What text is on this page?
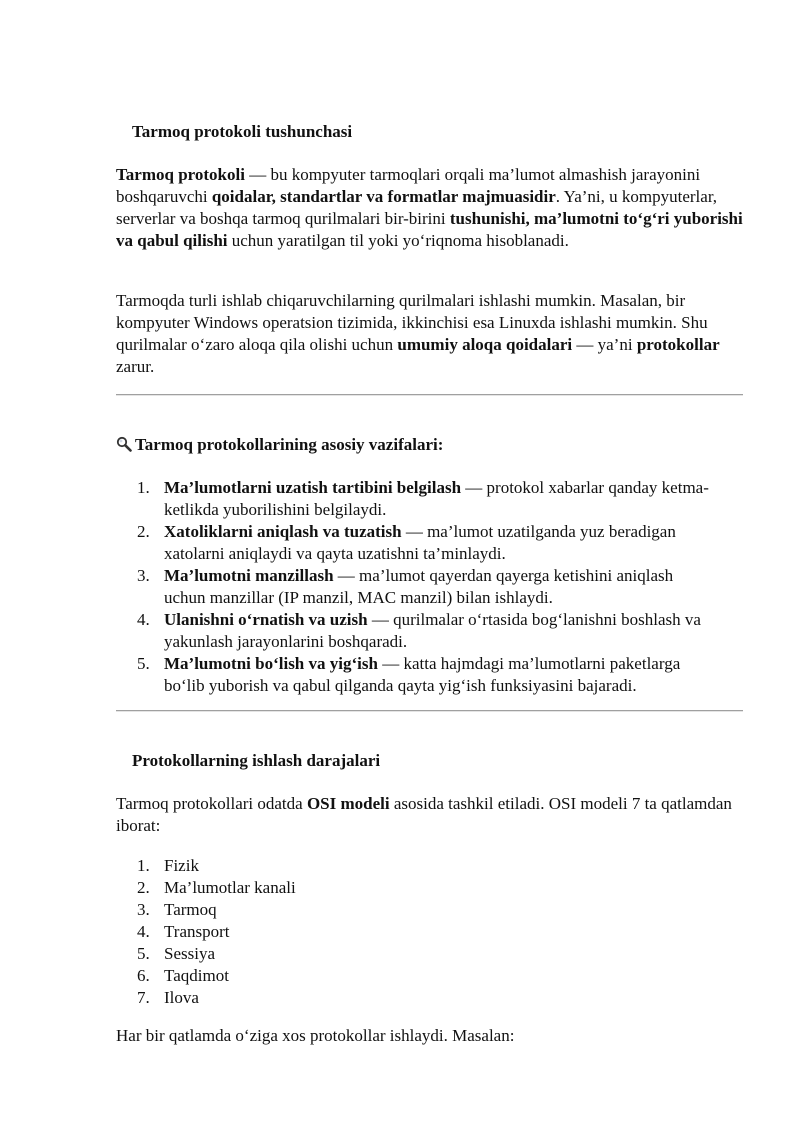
Tarmoq protokoli tushunchasi

Tarmoq protokoli — bu kompyuter tarmoqlari orqali ma’lumot almashish jarayonini boshqaruvchi qoidalar, standartlar va formatlar majmuasidir. Ya’ni, u kompyuterlar, serverlar va boshqa tarmoq qurilmalari bir-birini tushunishi, ma’lumotni to‘g‘ri yuborishi va qabul qilishi uchun yaratilgan til yoki yo‘riqnoma hisoblanadi.

Tarmoqda turli ishlab chiqaruvchilarning qurilmalari ishlashi mumkin. Masalan, bir kompyuter Windows operatsion tizimida, ikkinchisi esa Linuxda ishlashi mumkin. Shu qurilmalar o‘zaro aloqa qila olishi uchun umumiy aloqa qoidalari — ya’ni protokollar zarur.

Tarmoq protokollarining asosiy vazifalari:
1. Ma’lumotlarni uzatish tartibini belgilash — protokol xabarlar qanday ketma-ketlikda yuborilishini belgilaydi.
2. Xatoliklarni aniqlash va tuzatish — ma’lumot uzatilganda yuz beradigan xatolarni aniqlaydi va qayta uzatishni ta’minlaydi.
3. Ma’lumotni manzillash — ma’lumot qayerdan qayerga ketishini aniqlash uchun manzillar (IP manzil, MAC manzil) bilan ishlaydi.
4. Ulanishni o‘rnatish va uzish — qurilmalar o‘rtasida bog‘lanishni boshlash va yakunlash jarayonlarini boshqaradi.
5. Ma’lumotni bo‘lish va yig‘ish — katta hajmdagi ma’lumotlarni paketlarga bo‘lib yuborish va qabul qilganda qayta yig‘ish funksiyasini bajaradi.
Protokollarning ishlash darajalari

Tarmoq protokollari odatda OSI modeli asosida tashkil etiladi. OSI modeli 7 ta qatlamdan iborat:

1. Fizik
2. Ma’lumotlar kanali
3. Tarmoq
4. Transport
5. Sessiya
6. Taqdimot
7. Ilova

Har bir qatlamda o‘ziga xos protokollar ishlaydi. Masalan:
